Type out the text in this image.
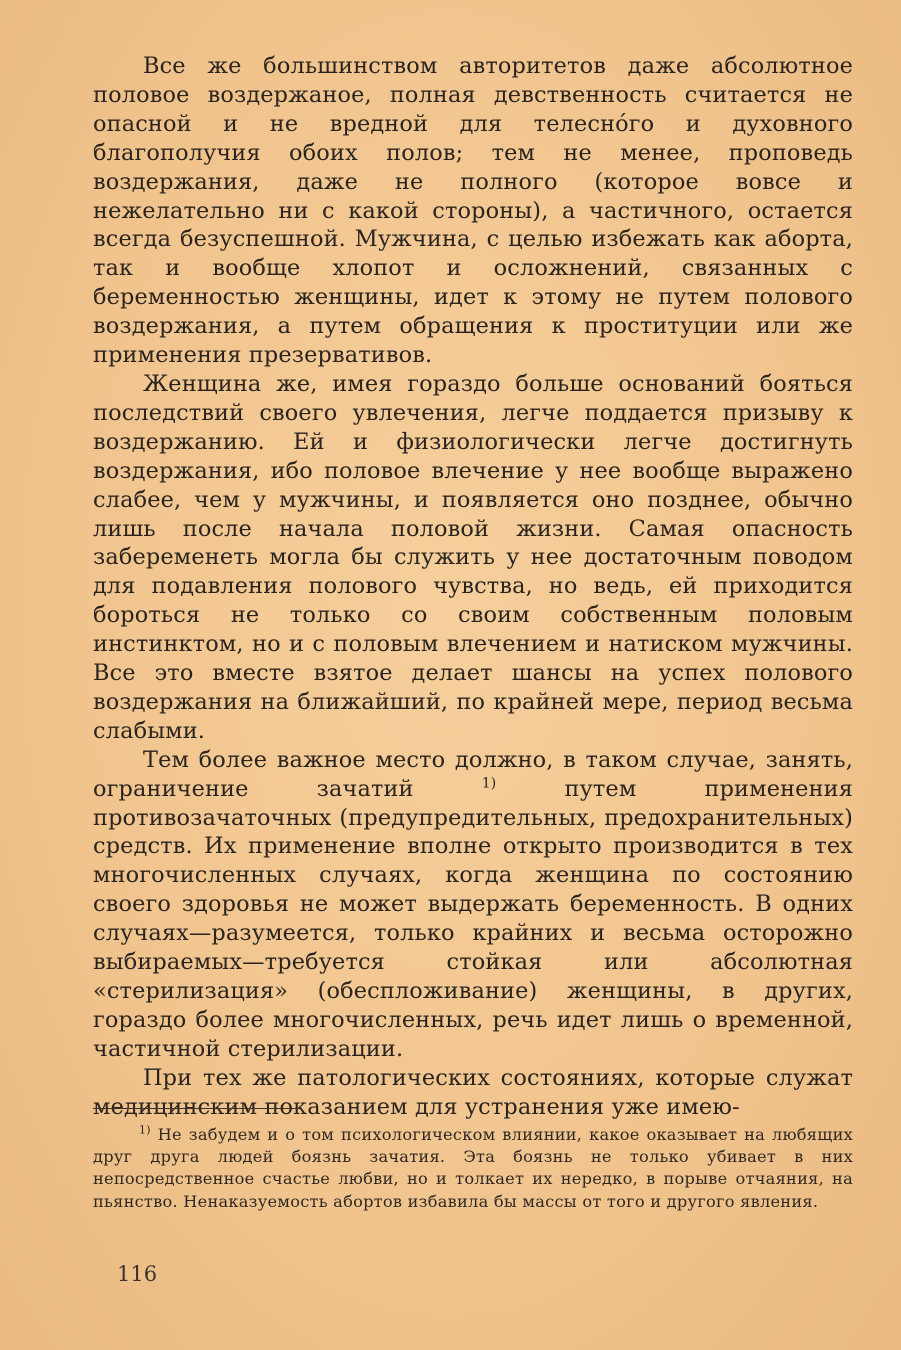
Все же большинством авторитетов даже абсолютное половое воздержаное, полная девственность считается не опасной и не вредной для телеснóго и духовного благополучия обоих полов; тем не менее, проповедь воздержания, даже не полного (которое вовсе и нежелательно ни с какой стороны), а частичного, остается всегда безуспешной. Мужчина, с целью избежать как аборта, так и вообще хлопот и осложнений, связанных с беременностью женщины, идет к этому не путем полового воздержания, а путем обращения к проституции или же применения презервативов.

Женщина же, имея гораздо больше оснований бояться последствий своего увлечения, легче поддается призыву к воздержанию. Ей и физиологически легче достигнуть воздержания, ибо половое влечение у нее вообще выражено слабее, чем у мужчины, и появляется оно позднее, обычно лишь после начала половой жизни. Самая опасность забеременеть могла бы служить у нее достаточным поводом для подавления полового чувства, но ведь, ей приходится бороться не только со своим собственным половым инстинктом, но и с половым влечением и натиском мужчины. Все это вместе взятое делает шансы на успех полового воздержания на ближайший, по крайней мере, период весьма слабыми.

Тем более важное место должно, в таком случае, занять, ограничение зачатий $^{1)}$ путем применения противозачаточных (предупредительных, предохранительных) средств. Их применение вполне открыто производится в тех многочисленных случаях, когда женщина по состоянию своего здоровья не может выдержать беременность. В одних случаях—разумеется, только крайних и весьма осторожно выбираемых—требуется стойкая или абсолютная «стерилизация» (обеспложивание) женщины, в других, гораздо более многочисленных, речь идет лишь о временной, частичной стерилизации.

При тех же патологических состояниях, которые служат медицинским показанием для устранения уже имею-

$^{1)}$ Не забудем и о том психологическом влиянии, какое оказывает на любящих друг друга людей боязнь зачатия. Эта боязнь не только убивает в них непосредственное счастье любви, но и толкает их нередко, в порыве отчаяния, на пьянство. Ненаказуемость абортов избавила бы массы от того и другого явления.

116
